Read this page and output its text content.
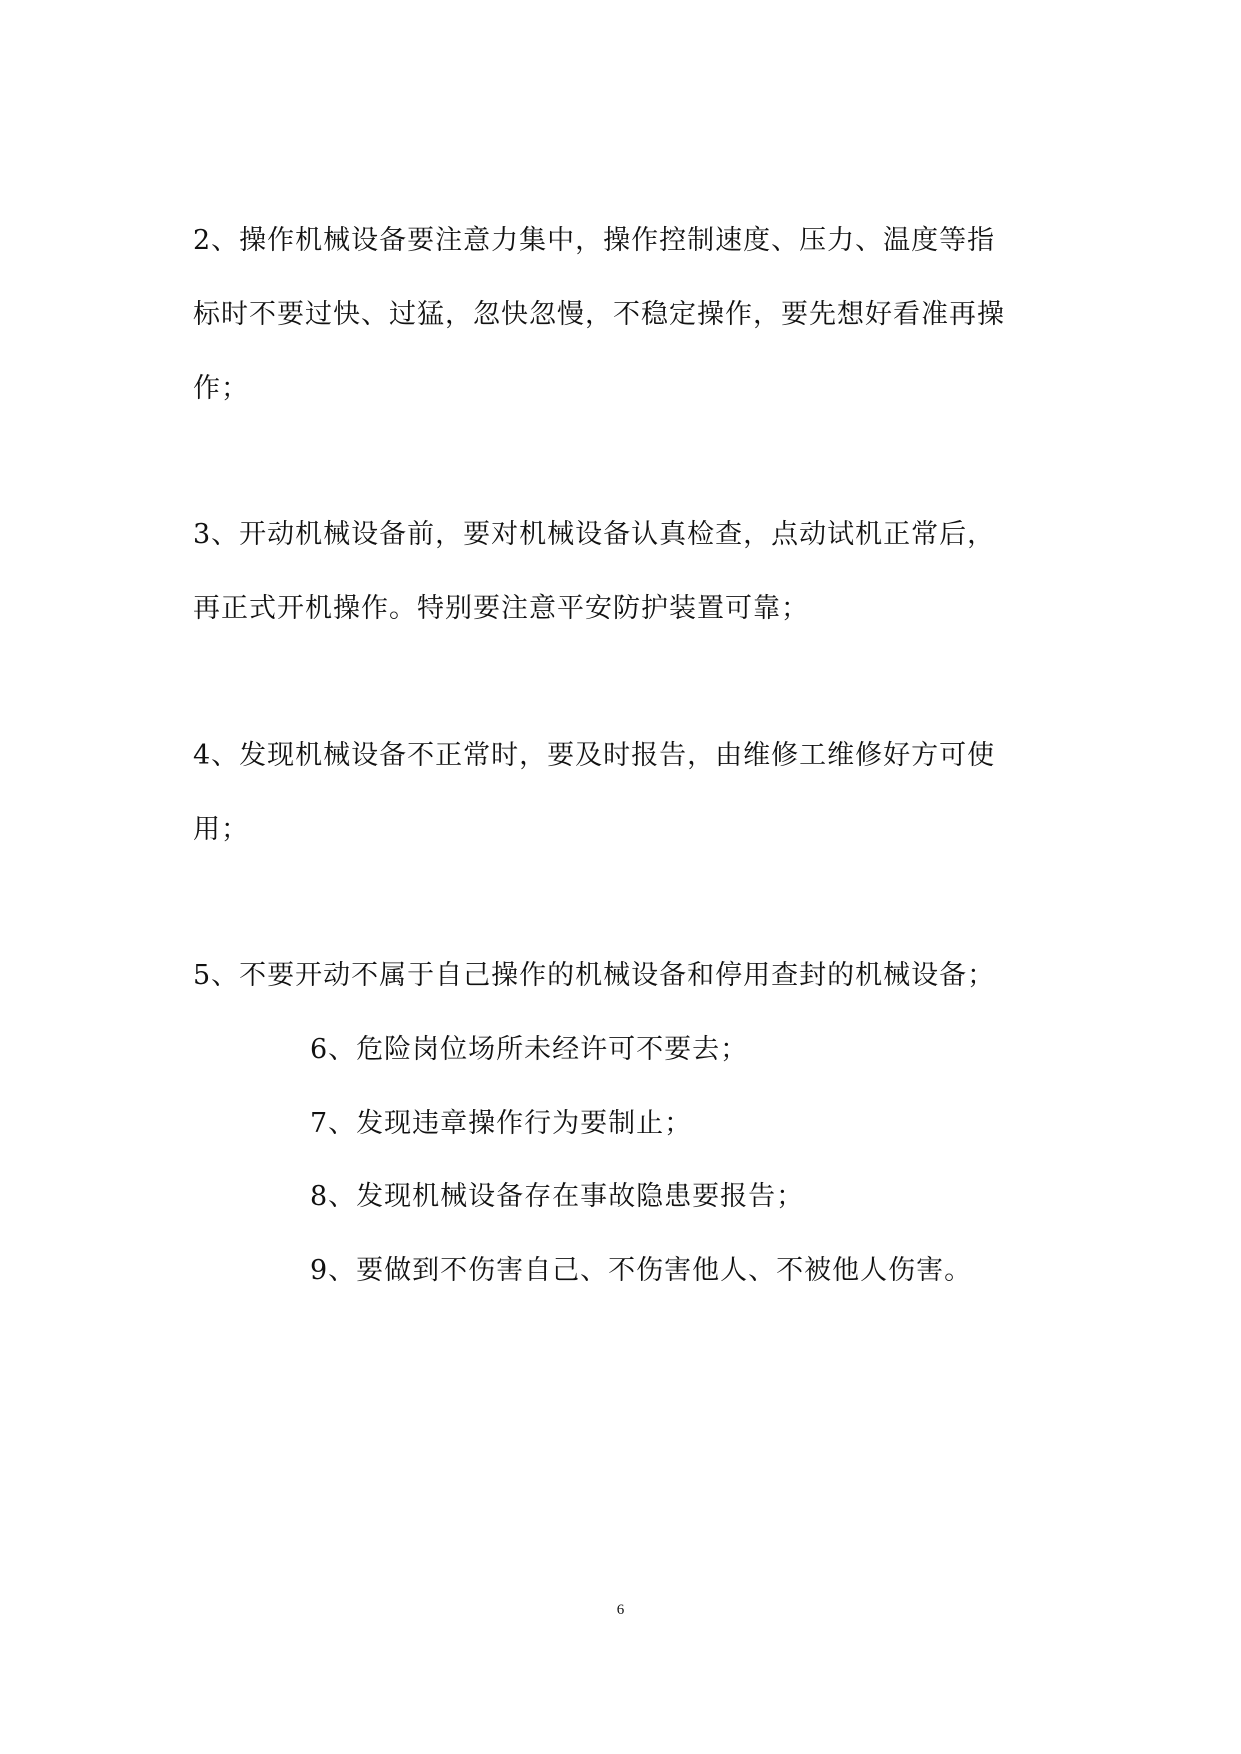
2、操作机械设备要注意力集中，操作控制速度、压力、温度等指
标时不要过快、过猛，忽快忽慢，不稳定操作，要先想好看准再操
作；
3、开动机械设备前，要对机械设备认真检查，点动试机正常后，
再正式开机操作。特别要注意平安防护装置可靠；
4、发现机械设备不正常时，要及时报告，由维修工维修好方可使
用；
5、不要开动不属于自己操作的机械设备和停用查封的机械设备；
6、危险岗位场所未经许可不要去；
7、发现违章操作行为要制止；
8、发现机械设备存在事故隐患要报告；
9、要做到不伤害自己、不伤害他人、不被他人伤害。
6
